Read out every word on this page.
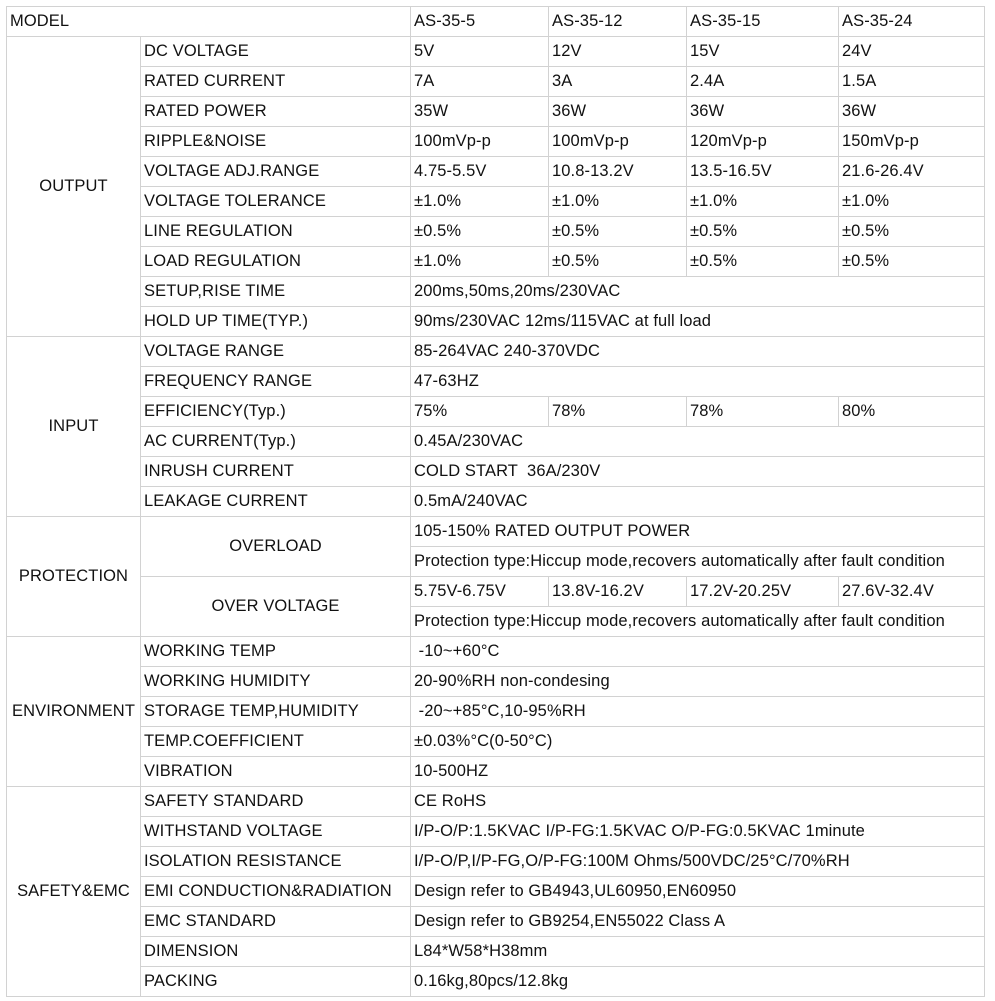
MODEL		AS-35-5	AS-35-12	AS-35-15	AS-35-24
OUTPUT	DC VOLTAGE	5V	12V	15V	24V
	RATED CURRENT	7A	3A	2.4A	1.5A
	RATED POWER	35W	36W	36W	36W
	RIPPLE&NOISE	100mVp-p	100mVp-p	120mVp-p	150mVp-p
	VOLTAGE ADJ.RANGE	4.75-5.5V	10.8-13.2V	13.5-16.5V	21.6-26.4V
	VOLTAGE TOLERANCE	±1.0%	±1.0%	±1.0%	±1.0%
	LINE REGULATION	±0.5%	±0.5%	±0.5%	±0.5%
	LOAD REGULATION	±1.0%	±0.5%	±0.5%	±0.5%
	SETUP,RISE TIME	200ms,50ms,20ms/230VAC			
	HOLD UP TIME(TYP.)	90ms/230VAC 12ms/115VAC at full load			
INPUT	VOLTAGE RANGE	85-264VAC 240-370VDC			
	FREQUENCY RANGE	47-63HZ			
	EFFICIENCY(Typ.)	75%	78%	78%	80%
	AC CURRENT(Typ.)	0.45A/230VAC			
	INRUSH CURRENT	COLD START  36A/230V			
	LEAKAGE CURRENT	0.5mA/240VAC			
PROTECTION	OVERLOAD	105-150% RATED OUTPUT POWER			
		Protection type:Hiccup mode,recovers automatically after fault condition			
	OVER VOLTAGE	5.75V-6.75V	13.8V-16.2V	17.2V-20.25V	27.6V-32.4V
		Protection type:Hiccup mode,recovers automatically after fault condition			
ENVIRONMENT	WORKING TEMP	-10~+60°C			
	WORKING HUMIDITY	20-90%RH non-condesing			
	STORAGE TEMP,HUMIDITY	-20~+85°C,10-95%RH			
	TEMP.COEFFICIENT	±0.03%°C(0-50°C)			
	VIBRATION	10-500HZ			
SAFETY&EMC	SAFETY STANDARD	CE RoHS			
	WITHSTAND VOLTAGE	I/P-O/P:1.5KVAC I/P-FG:1.5KVAC O/P-FG:0.5KVAC 1minute			
	ISOLATION RESISTANCE	I/P-O/P,I/P-FG,O/P-FG:100M Ohms/500VDC/25°C/70%RH			
	EMI CONDUCTION&RADIATION	Design refer to GB4943,UL60950,EN60950			
	EMC STANDARD	Design refer to GB9254,EN55022 Class A			
	DIMENSION	L84*W58*H38mm			
	PACKING	0.16kg,80pcs/12.8kg			
